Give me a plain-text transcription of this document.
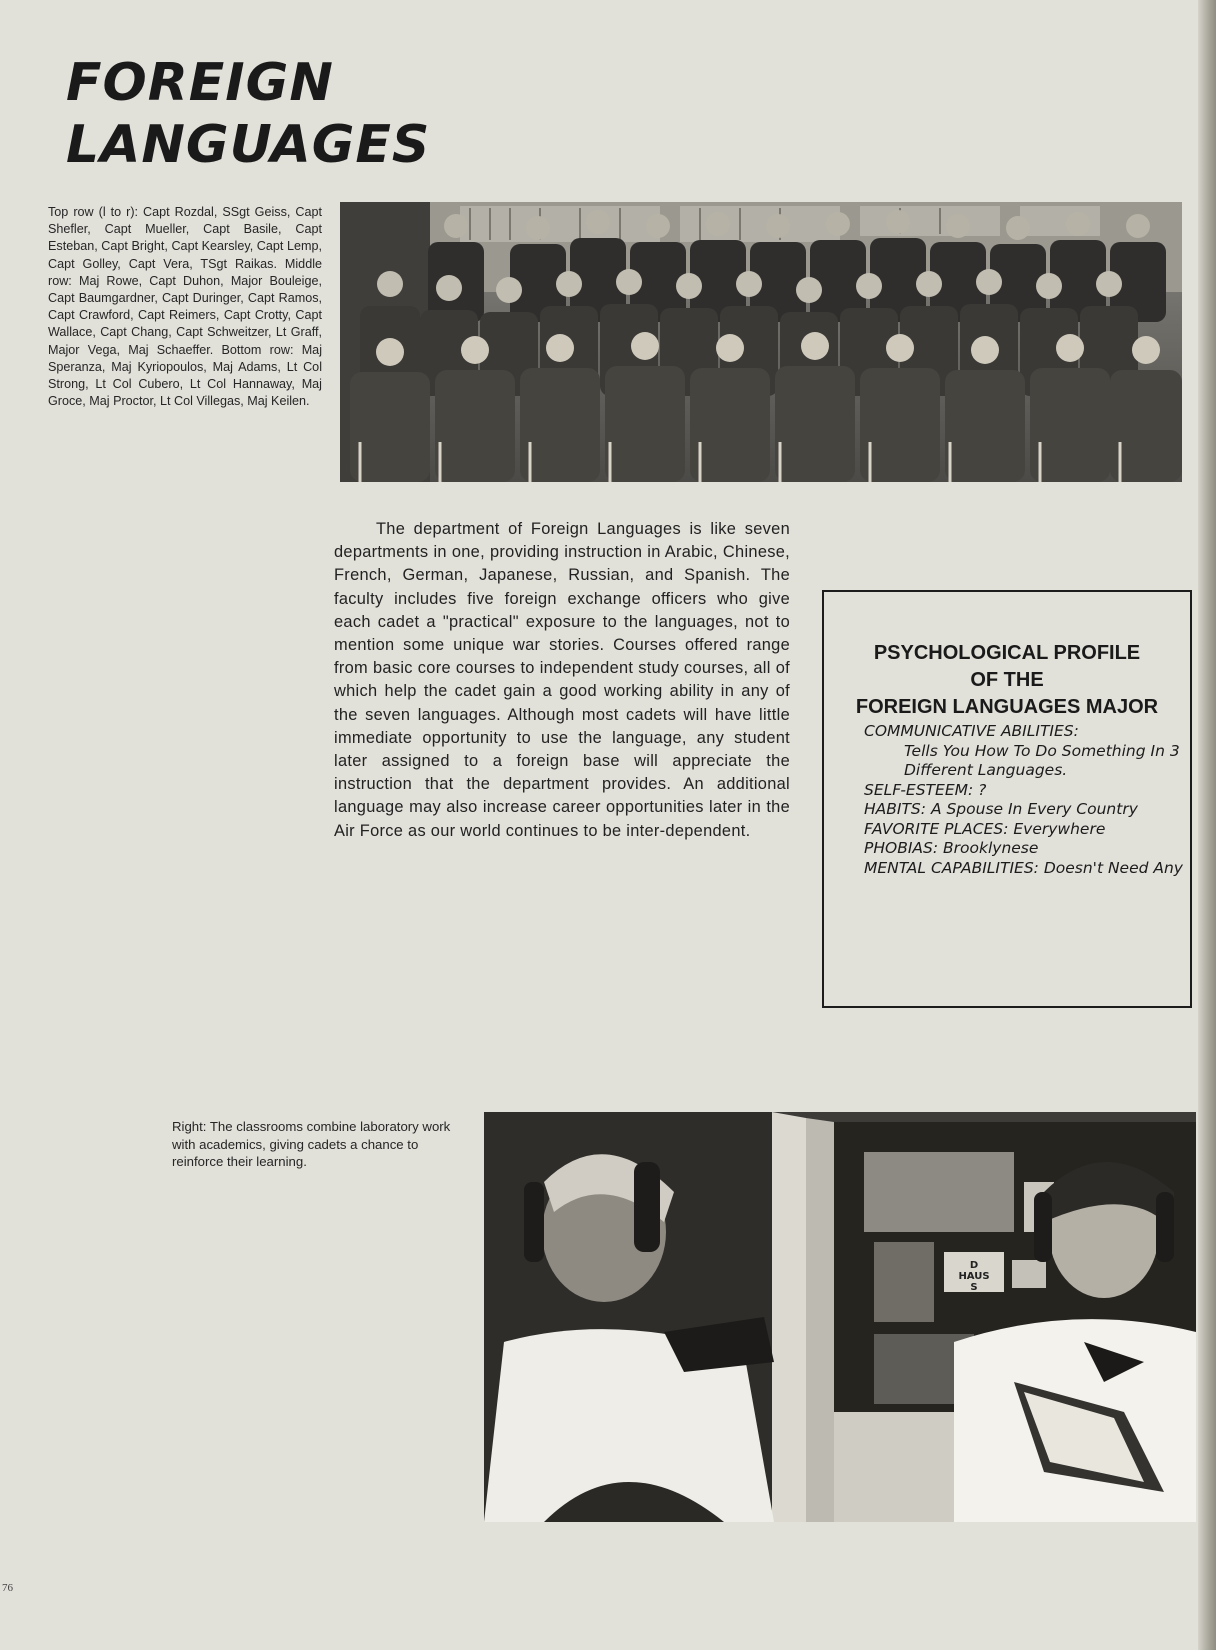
FOREIGN
LANGUAGES

Top row (l to r): Capt Rozdal, SSgt Geiss, Capt Shefler, Capt Mueller, Capt Basile, Capt Esteban, Capt Bright, Capt Kearsley, Capt Lemp, Capt Golley, Capt Vera, TSgt Raikas. Middle row: Maj Rowe, Capt Duhon, Major Bouleige, Capt Baumgardner, Capt Duringer, Capt Ramos, Capt Crawford, Capt Reimers, Capt Crotty, Capt Wallace, Capt Chang, Capt Schweitzer, Lt Graff, Major Vega, Maj Schaeffer. Bottom row: Maj Speranza, Maj Kyriopoulos, Maj Adams, Lt Col Strong, Lt Col Cubero, Lt Col Hannaway, Maj Groce, Maj Proctor, Lt Col Villegas, Maj Keilen.

The department of Foreign Languages is like seven departments in one, providing instruction in Arabic, Chinese, French, German, Japanese, Russian, and Spanish. The faculty includes five foreign exchange officers who give each cadet a "practical" exposure to the languages, not to mention some unique war stories. Courses offered range from basic core courses to independent study courses, all of which help the cadet gain a good working ability in any of the seven languages. Although most cadets will have little immediate opportunity to use the language, any student later assigned to a foreign base will appreciate the instruction that the department provides. An additional language may also increase career opportunities later in the Air Force as our world continues to be inter-dependent.

PSYCHOLOGICAL PROFILE
OF THE
FOREIGN LANGUAGES MAJOR
COMMUNICATIVE ABILITIES:
Tells You How To Do Something In 3 Different Languages.
SELF-ESTEEM: ?
HABITS: A Spouse In Every Country
FAVORITE PLACES: Everywhere
PHOBIAS: Brooklynese
MENTAL CAPABILITIES: Doesn't Need Any

Right: The classrooms combine laboratory work with academics, giving cadets a chance to reinforce their learning.

D
HAUS
S
76
